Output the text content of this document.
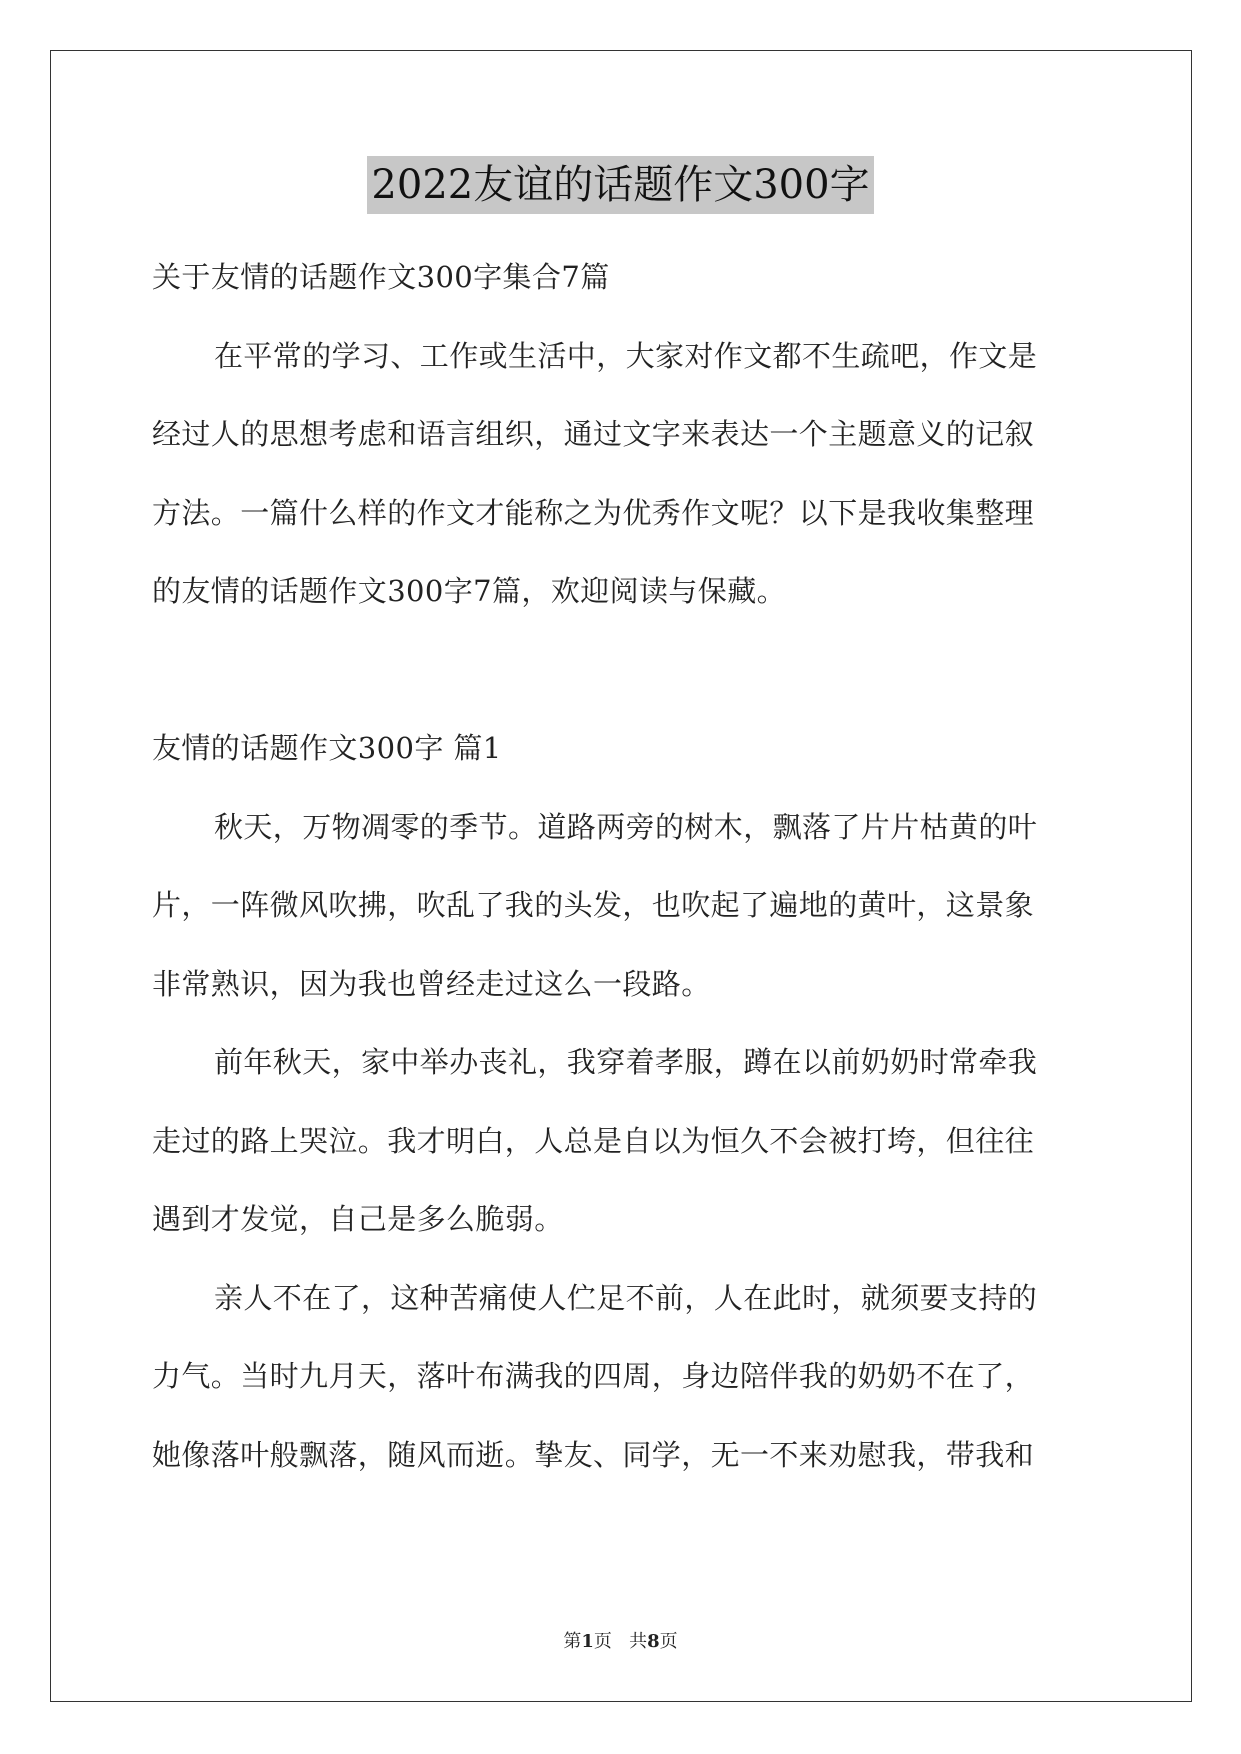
2022友谊的话题作文300字
关于友情的话题作文300字集合7篇
在平常的学习、工作或生活中，大家对作文都不生疏吧，作文是
经过人的思想考虑和语言组织，通过文字来表达一个主题意义的记叙
方法。一篇什么样的作文才能称之为优秀作文呢？以下是我收集整理
的友情的话题作文300字7篇，欢迎阅读与保藏。
友情的话题作文300字 篇1
秋天，万物凋零的季节。道路两旁的树木，飘落了片片枯黄的叶
片，一阵微风吹拂，吹乱了我的头发，也吹起了遍地的黄叶，这景象
非常熟识，因为我也曾经走过这么一段路。
前年秋天，家中举办丧礼，我穿着孝服，蹲在以前奶奶时常牵我
走过的路上哭泣。我才明白，人总是自以为恒久不会被打垮，但往往
遇到才发觉，自己是多么脆弱。
亲人不在了，这种苦痛使人伫足不前，人在此时，就须要支持的
力气。当时九月天，落叶布满我的四周，身边陪伴我的奶奶不在了，
她像落叶般飘落，随风而逝。挚友、同学，无一不来劝慰我，带我和
第1页 共8页
